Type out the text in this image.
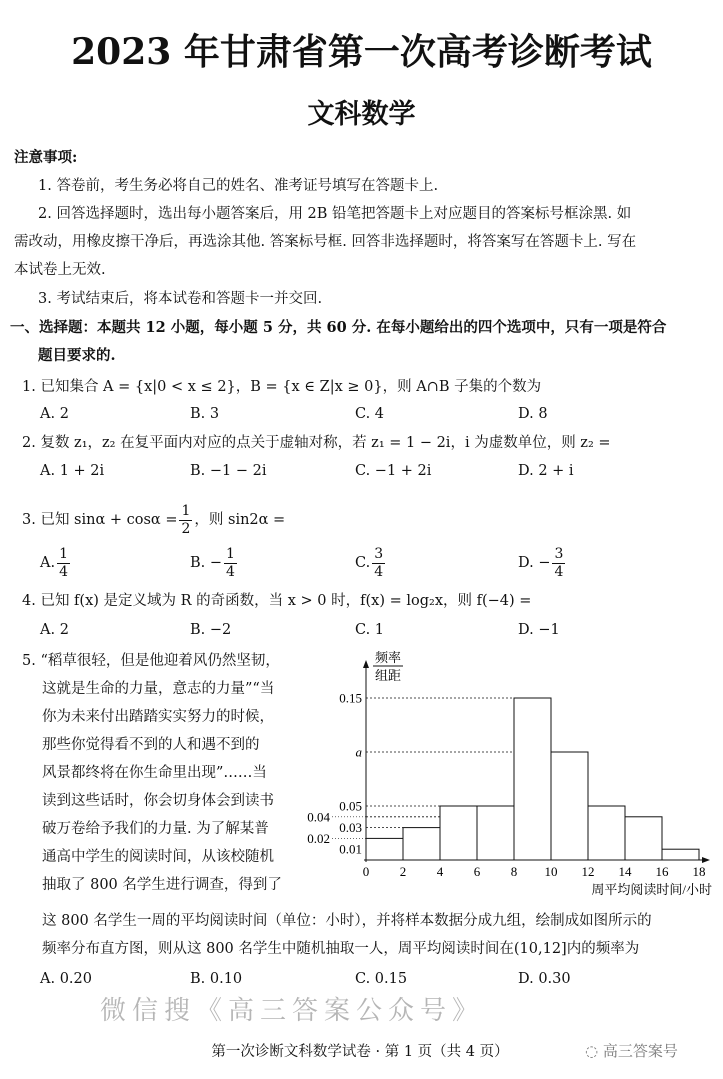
2023 年甘肃省第一次高考诊断考试
文科数学
注意事项:
1. 答卷前，考生务必将自己的姓名、准考证号填写在答题卡上.
2. 回答选择题时，选出每小题答案后，用 2B 铅笔把答题卡上对应题目的答案标号框涂黑. 如
需改动，用橡皮擦干净后，再选涂其他. 答案标号框. 回答非选择题时，将答案写在答题卡上. 写在
本试卷上无效.
3. 考试结束后，将本试卷和答题卡一并交回.
一、选择题：本题共 12 小题，每小题 5 分，共 60 分. 在每小题给出的四个选项中，只有一项是符合
题目要求的.
1. 已知集合 A = {x|0 < x ≤ 2}，B = {x ∈ Z|x ≥ 0}，则 A∩B 子集的个数为
A. 2	B. 3	C. 4	D. 8
2. 复数 z₁，z₂ 在复平面内对应的点关于虚轴对称，若 z₁ = 1 − 2i，i 为虚数单位，则 z₂ =
A. 1 + 2i	B. −1 − 2i	C. −1 + 2i	D. 2 + i
3. 已知 $\sin\alpha + \cos\alpha = \frac{1}{2}$ ，则 sin2α =
A. $\frac{1}{4}$	B. − $\frac{1}{4}$	C. $\frac{3}{4}$	D. − $\frac{3}{4}$
4. 已知 f(x) 是定义域为 R 的奇函数，当 x > 0 时，f(x) = log₂x，则 f(−4) =
A. 2	B. −2	C. 1	D. −1
5. “稻草很轻，但是他迎着风仍然坚韧，
这就是生命的力量，意志的力量”“当
你为未来付出踏踏实实努力的时候，
那些你觉得看不到的人和遇不到的
风景都终将在你生命里出现”……当
读到这些话时，你会切身体会到读书
破万卷给予我们的力量. 为了解某普
通高中学生的阅读时间，从该校随机
抽取了 800 名学生进行调查，得到了
这 800 名学生一周的平均阅读时间（单位：小时），并将样本数据分成九组，绘制成如图所示的
频率分布直方图，则从这 800 名学生中随机抽取一人，周平均阅读时间在(10,12]内的频率为
A. 0.20	B. 0.10	C. 0.15	D. 0.30
频率
组距
周平均阅读时间/小时
0.15
a
0.05
0.04
0.03
0.02
0.01
0 2 4 6 8 10 12 14 16 18
微信搜《高三答案公众号》
第一次诊断文科数学试卷 · 第 1 页（共 4 页）	◌ 高三答案号
